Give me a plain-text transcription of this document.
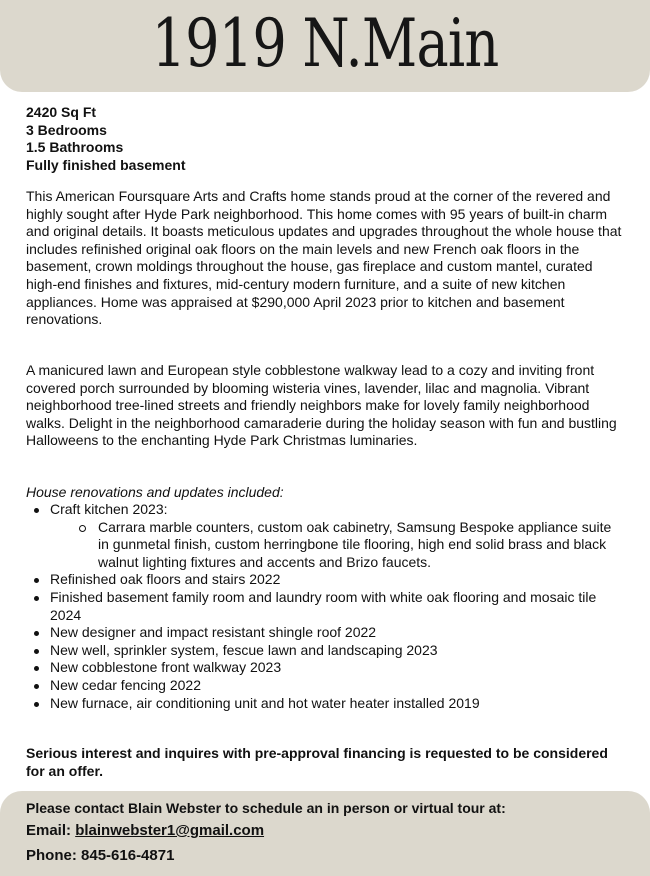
1919 N.Main
2420 Sq Ft
3 Bedrooms
1.5 Bathrooms
Fully finished basement

This American Foursquare Arts and Crafts home stands proud at the corner of the revered and highly sought after Hyde Park neighborhood. This home comes with 95 years of built-in charm and original details. It boasts meticulous updates and upgrades throughout the whole house that includes refinished original oak floors on the main levels and new French oak floors in the basement, crown moldings throughout the house, gas fireplace and custom mantel, curated high-end finishes and fixtures, mid-century modern furniture, and a suite of new kitchen appliances. Home was appraised at $290,000 April 2023 prior to kitchen and basement renovations.

A manicured lawn and European style cobblestone walkway lead to a cozy and inviting front covered porch surrounded by blooming wisteria vines, lavender, lilac and magnolia. Vibrant neighborhood tree-lined streets and friendly neighbors make for lovely family neighborhood walks. Delight in the neighborhood camaraderie during the holiday season with fun and bustling Halloweens to the enchanting Hyde Park Christmas luminaries.

House renovations and updates included:
Craft kitchen 2023:
Carrara marble counters, custom oak cabinetry, Samsung Bespoke appliance suite in gunmetal finish, custom herringbone tile flooring, high end solid brass and black walnut lighting fixtures and accents and Brizo faucets.
Refinished oak floors and stairs 2022
Finished basement family room and laundry room with white oak flooring and mosaic tile 2024
New designer and impact resistant shingle roof 2022
New well, sprinkler system, fescue lawn and landscaping 2023
New cobblestone front walkway 2023
New cedar fencing 2022
New furnace, air conditioning unit and hot water heater installed 2019
Serious interest and inquires with pre-approval financing is requested to be considered for an offer.
Please contact Blain Webster to schedule an in person or virtual tour at:
Email: blainwebster1@gmail.com
Phone: 845-616-4871
